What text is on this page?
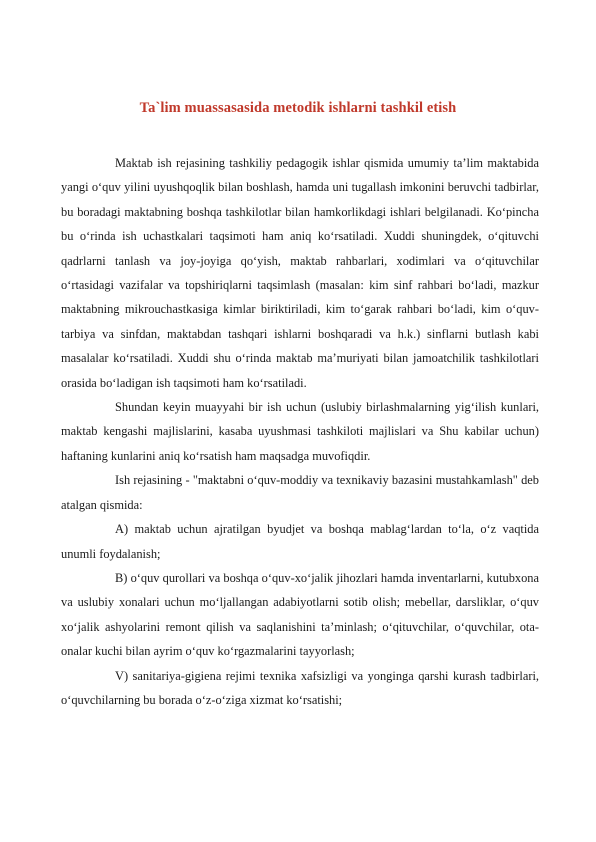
Ta`lim muassasasida metodik ishlarni tashkil etish

Maktab ish rejasining tashkiliy pedagogik ishlar qismida umumiy ta’lim maktabida yangi o‘quv yilini uyushqoqlik bilan boshlash, hamda uni tugallash imkonini beruvchi tadbirlar, bu boradagi maktabning boshqa tashkilotlar bilan hamkorlikdagi ishlari belgilanadi. Ko‘pincha bu o‘rinda ish uchastkalari taqsimoti ham aniq ko‘rsatiladi. Xuddi shuningdek, o‘qituvchi qadrlarni tanlash va joy-joyiga qo‘yish, maktab rahbarlari, xodimlari va o‘qituvchilar o‘rtasidagi vazifalar va topshiriqlarni taqsimlash (masalan: kim sinf rahbari bo‘ladi, mazkur maktabning mikrouchastkasiga kimlar biriktiriladi, kim to‘garak rahbari bo‘ladi, kim o‘quv-tarbiya va sinfdan, maktabdan tashqari ishlarni boshqaradi va h.k.) sinflarni butlash kabi masalalar ko‘rsatiladi. Xuddi shu o‘rinda maktab ma’muriyati bilan jamoatchilik tashkilotlari orasida bo‘ladigan ish taqsimoti ham ko‘rsatiladi.

Shundan keyin muayyahi bir ish uchun (uslubiy birlashmalarning yig‘ilish kunlari, maktab kengashi majlislarini, kasaba uyushmasi tashkiloti majlislari va Shu kabilar uchun) haftaning kunlarini aniq ko‘rsatish ham maqsadga muvofiqdir.

Ish rejasining - "maktabni o‘quv-moddiy va texnikaviy bazasini mustahkamlash" deb atalgan qismida:

A) maktab uchun ajratilgan byudjet va boshqa mablag‘lardan to‘la, o‘z vaqtida unumli foydalanish;

B) o‘quv qurollari va boshqa o‘quv-xo‘jalik jihozlari hamda inventarlarni, kutubxona va uslubiy xonalari uchun mo‘ljallangan adabiyotlarni sotib olish; mebellar, darsliklar, o‘quv xo‘jalik ashyolarini remont qilish va saqlanishini ta’minlash; o‘qituvchilar, o‘quvchilar, ota-onalar kuchi bilan ayrim o‘quv ko‘rgazmalarini tayyorlash;

V) sanitariya-gigiena rejimi texnika xafsizligi va yonginga qarshi kurash tadbirlari, o‘quvchilarning bu borada o‘z-o‘ziga xizmat ko‘rsatishi;
